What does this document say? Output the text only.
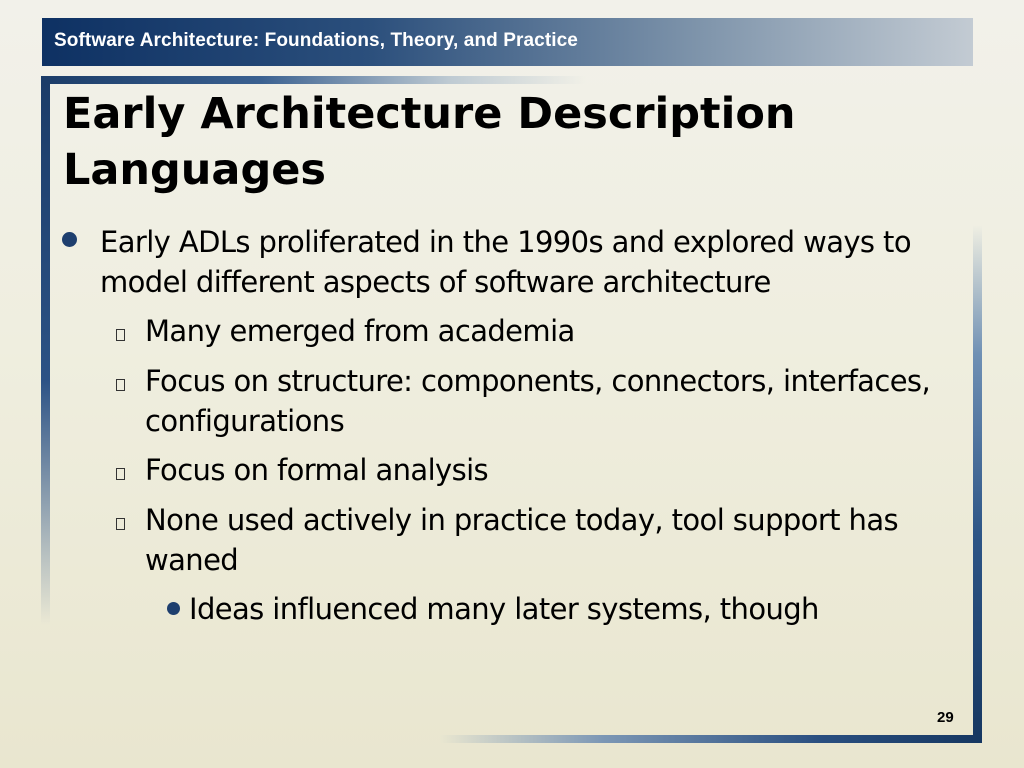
Software Architecture: Foundations, Theory, and Practice
Early Architecture Description Languages
Early ADLs proliferated in the 1990s and explored ways to model different aspects of software architecture
Many emerged from academia
Focus on structure: components, connectors, interfaces, configurations
Focus on formal analysis
None used actively in practice today, tool support has waned
Ideas influenced many later systems, though
29
